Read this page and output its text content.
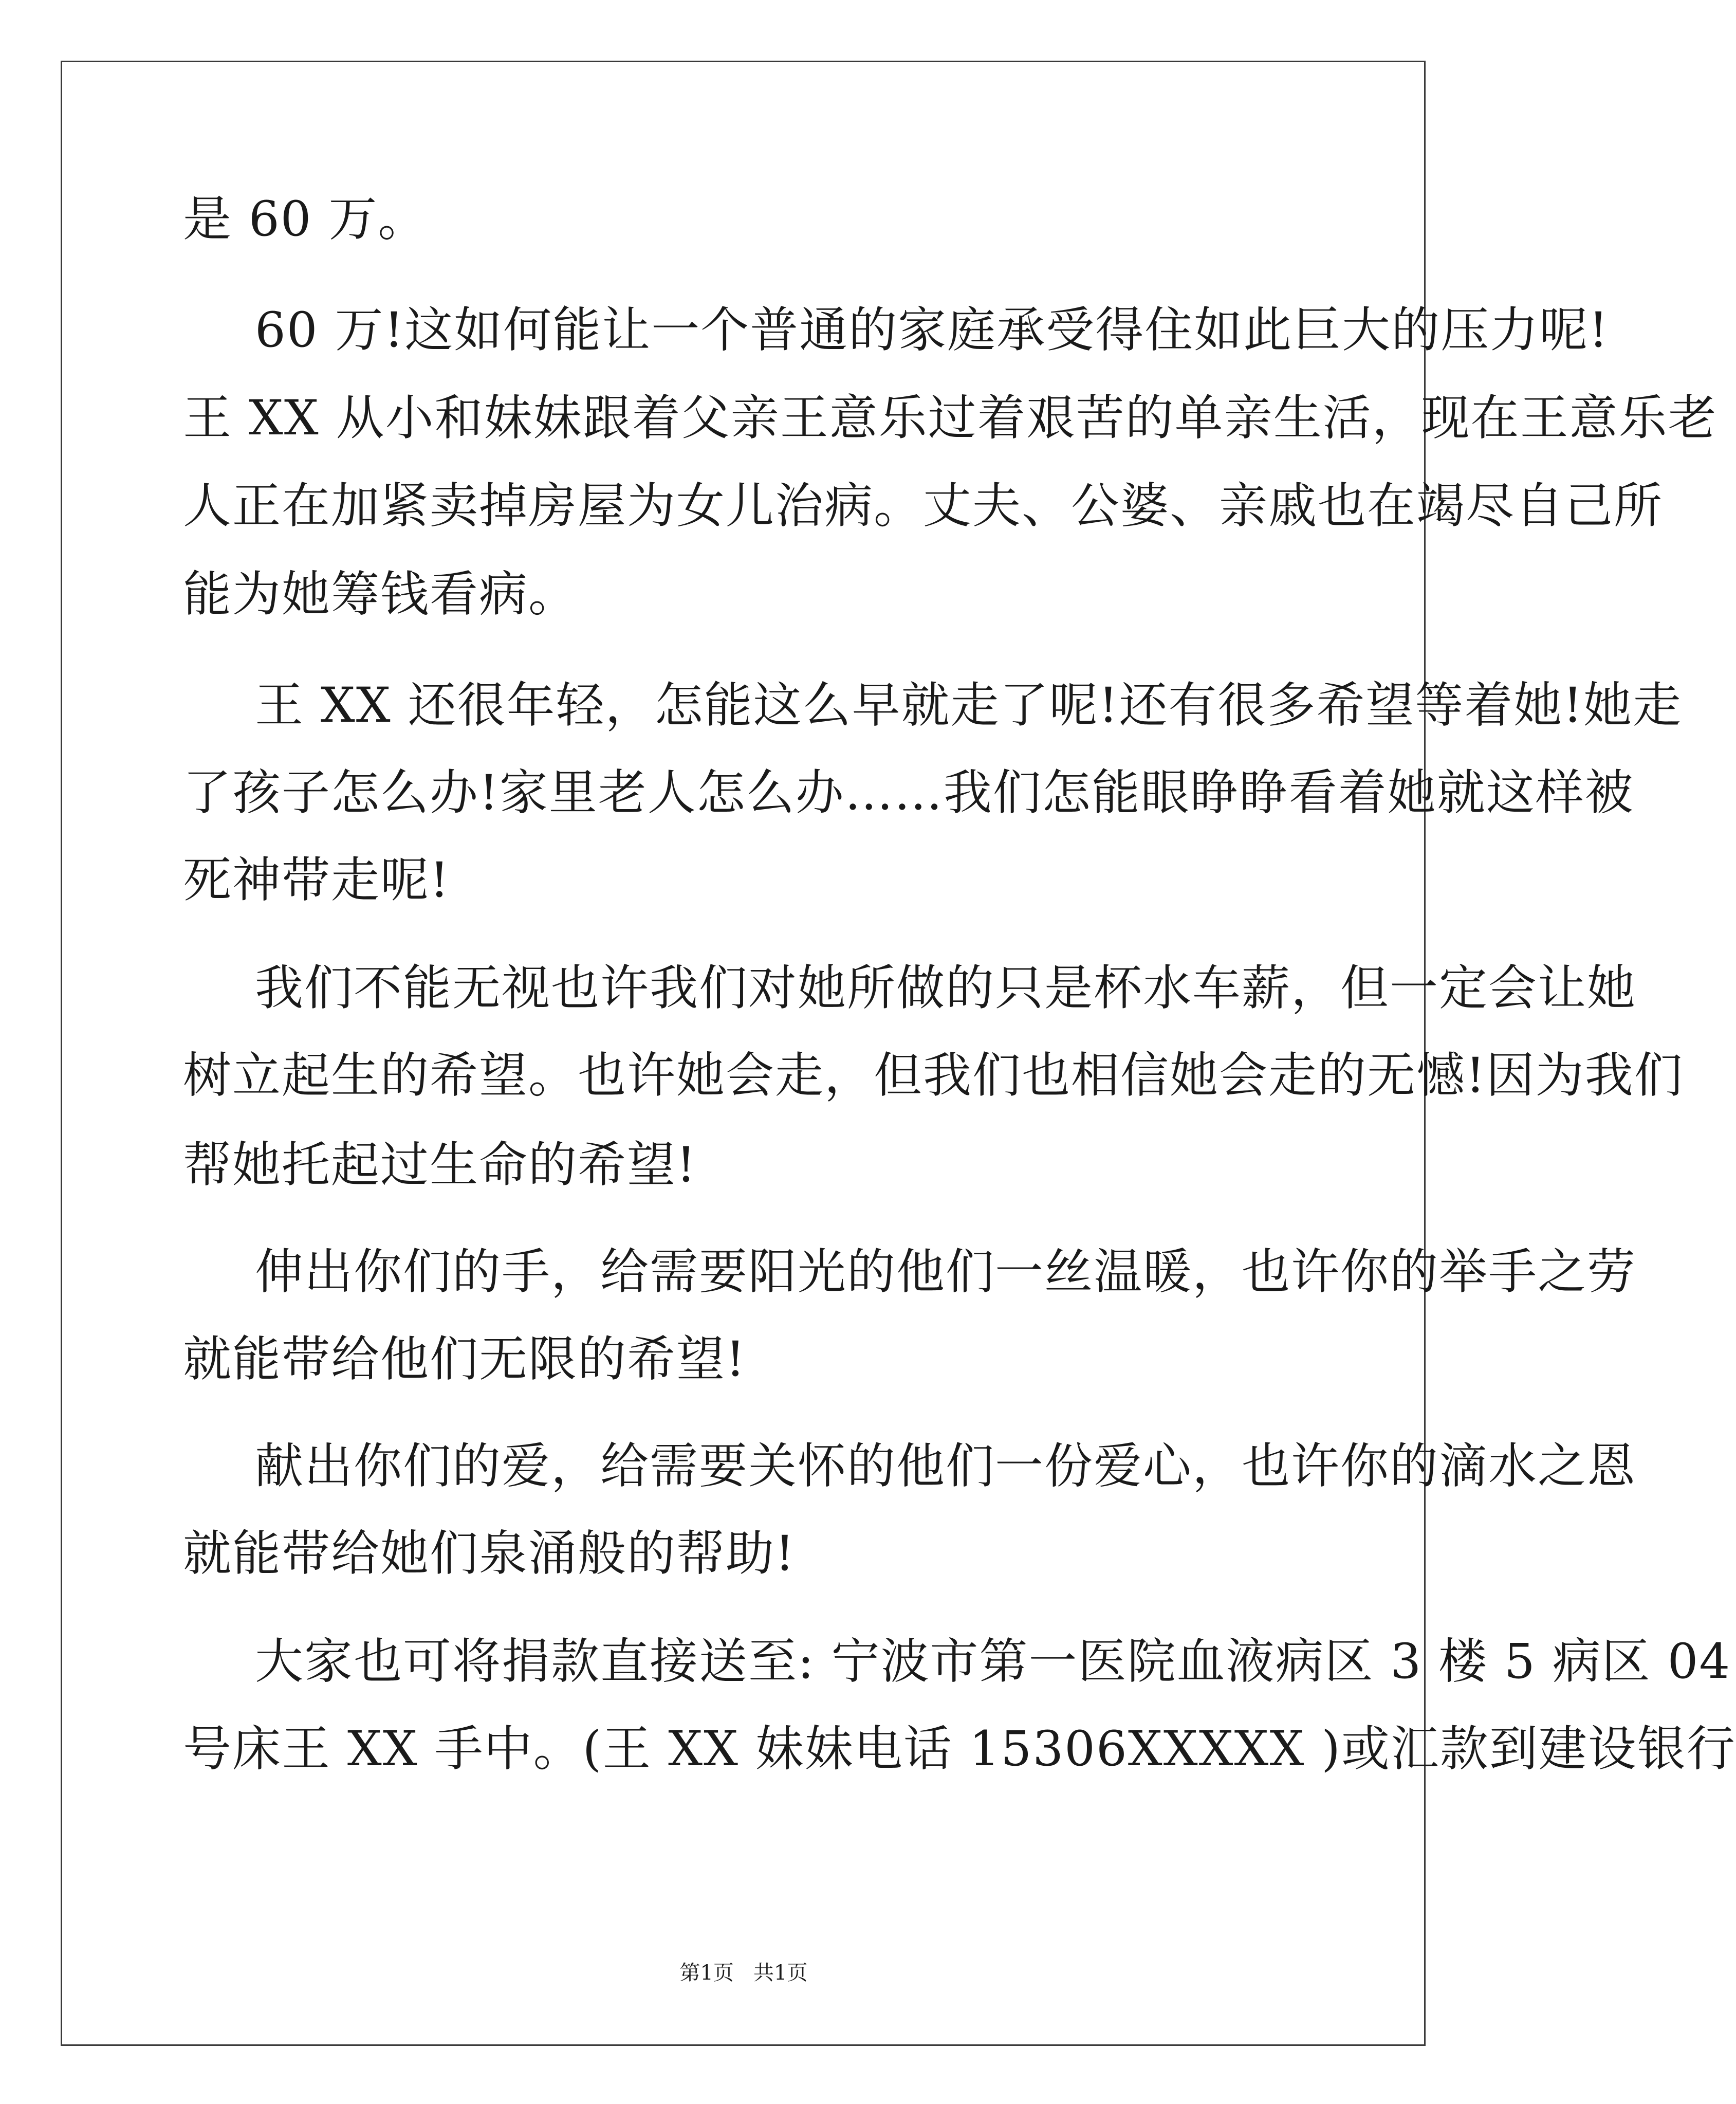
是 60 万。
60 万!这如何能让一个普通的家庭承受得住如此巨大的压力呢!
王 XX 从小和妹妹跟着父亲王意乐过着艰苦的单亲生活，现在王意乐老
人正在加紧卖掉房屋为女儿治病。丈夫、公婆、亲戚也在竭尽自己所
能为她筹钱看病。
王 XX 还很年轻，怎能这么早就走了呢!还有很多希望等着她!她走
了孩子怎么办!家里老人怎么办……我们怎能眼睁睁看着她就这样被
死神带走呢!
我们不能无视也许我们对她所做的只是杯水车薪，但一定会让她
树立起生的希望。也许她会走，但我们也相信她会走的无憾!因为我们
帮她托起过生命的希望!
伸出你们的手，给需要阳光的他们一丝温暖，也许你的举手之劳
就能带给他们无限的希望!
献出你们的爱，给需要关怀的他们一份爱心，也许你的滴水之恩
就能带给她们泉涌般的帮助!
大家也可将捐款直接送至: 宁波市第一医院血液病区 3 楼 5 病区 04
号床王 XX 手中。(王 XX 妹妹电话 15306XXXXX )或汇款到建设银行
第1页   共1页
